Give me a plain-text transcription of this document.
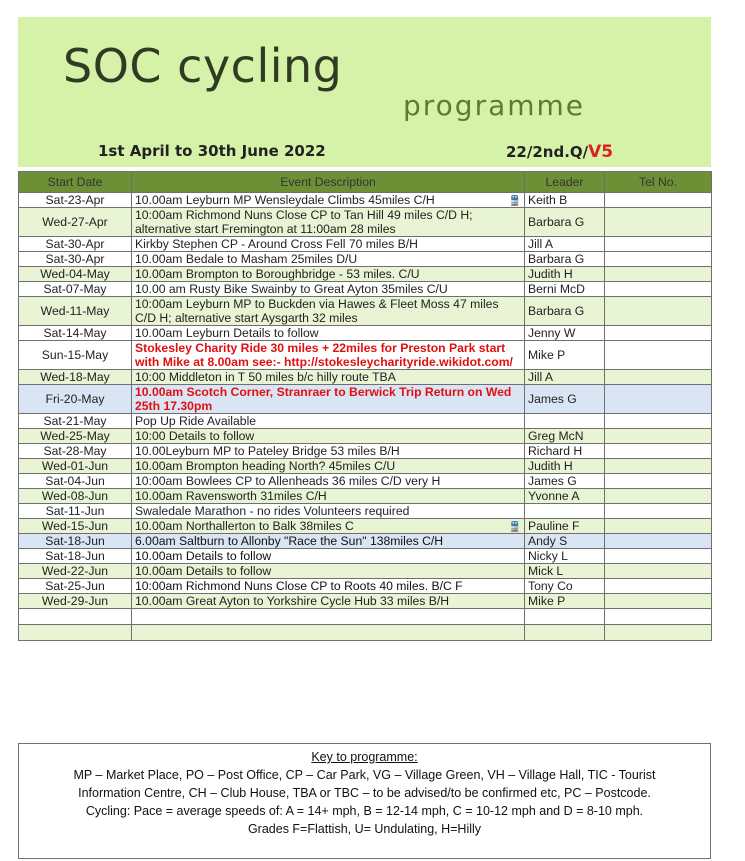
SOC cycling
programme
1st April to 30th June 2022	22/2nd.Q/V5
Start Date	Event Description	Leader	Tel No.
Sat-23-Apr	10.00am Leyburn MP Wensleydale Climbs 45miles C/H 🚆	Keith B	
Wed-27-Apr	10:00am Richmond Nuns Close CP to Tan Hill 49 miles C/D H; alternative start Fremington at 11:00am 28 miles	Barbara G	
Sat-30-Apr	Kirkby Stephen CP - Around Cross Fell 70 miles B/H	Jill A	
Sat-30-Apr	10.00am Bedale to Masham 25miles D/U	Barbara G	
Wed-04-May	10.00am Brompton to Boroughbridge - 53 miles. C/U	Judith H	
Sat-07-May	10.00 am Rusty Bike Swainby to Great Ayton 35miles C/U	Berni McD	
Wed-11-May	10:00am Leyburn MP to Buckden via Hawes & Fleet Moss 47 miles C/D H; alternative start Aysgarth 32 miles	Barbara G	
Sat-14-May	10.00am Leyburn Details to follow	Jenny W	
Sun-15-May	Stokesley Charity Ride 30 miles + 22miles for Preston Park start with Mike at 8.00am see:- http://stokesleycharityride.wikidot.com/	Mike P	
Wed-18-May	10:00 Middleton in T 50 miles b/c hilly route TBA	Jill A	
Fri-20-May	10.00am Scotch Corner, Stranraer to Berwick Trip Return on Wed 25th 17.30pm	James G	
Sat-21-May	Pop Up Ride Available		
Wed-25-May	10:00 Details to follow	Greg McN	
Sat-28-May	10.00Leyburn MP to Pateley Bridge 53 miles B/H	Richard H	
Wed-01-Jun	10.00am Brompton heading North? 45miles C/U	Judith H	
Sat-04-Jun	10:00am Bowlees CP to Allenheads 36 miles C/D very H	James G	
Wed-08-Jun	10.00am Ravensworth 31miles C/H	Yvonne A	
Sat-11-Jun	Swaledale Marathon - no rides Volunteers required		
Wed-15-Jun	10.00am Northallerton to Balk 38miles C 🚆	Pauline F	
Sat-18-Jun	6.00am Saltburn to Allonby "Race the Sun" 138miles C/H	Andy S	
Sat-18-Jun	10.00am Details to follow	Nicky L	
Wed-22-Jun	10.00am Details to follow	Mick L	
Sat-25-Jun	10:00am Richmond Nuns Close CP to Roots 40 miles. B/C F	Tony Co	
Wed-29-Jun	10.00am Great Ayton to Yorkshire Cycle Hub 33 miles B/H	Mike P	

Key to programme:
MP – Market Place, PO – Post Office, CP – Car Park, VG – Village Green, VH – Village Hall, TIC - Tourist
Information Centre, CH – Club House, TBA or TBC – to be advised/to be confirmed etc, PC – Postcode.
Cycling: Pace = average speeds of: A = 14+ mph, B = 12-14 mph, C = 10-12 mph and D = 8-10 mph.
Grades F=Flattish, U= Undulating, H=Hilly
